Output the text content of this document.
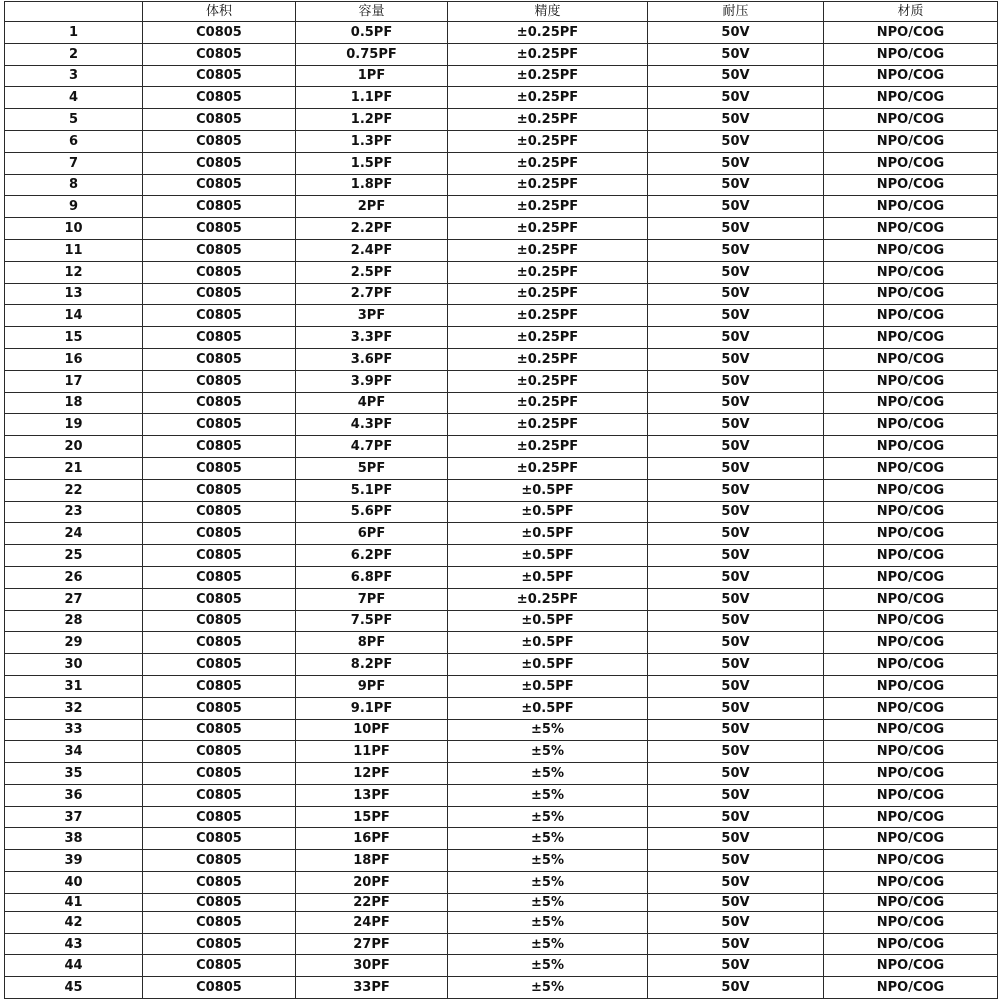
	体积	容量	精度	耐压	材质
1	C0805	0.5PF	±0.25PF	50V	NPO/COG
2	C0805	0.75PF	±0.25PF	50V	NPO/COG
3	C0805	1PF	±0.25PF	50V	NPO/COG
4	C0805	1.1PF	±0.25PF	50V	NPO/COG
5	C0805	1.2PF	±0.25PF	50V	NPO/COG
6	C0805	1.3PF	±0.25PF	50V	NPO/COG
7	C0805	1.5PF	±0.25PF	50V	NPO/COG
8	C0805	1.8PF	±0.25PF	50V	NPO/COG
9	C0805	2PF	±0.25PF	50V	NPO/COG
10	C0805	2.2PF	±0.25PF	50V	NPO/COG
11	C0805	2.4PF	±0.25PF	50V	NPO/COG
12	C0805	2.5PF	±0.25PF	50V	NPO/COG
13	C0805	2.7PF	±0.25PF	50V	NPO/COG
14	C0805	3PF	±0.25PF	50V	NPO/COG
15	C0805	3.3PF	±0.25PF	50V	NPO/COG
16	C0805	3.6PF	±0.25PF	50V	NPO/COG
17	C0805	3.9PF	±0.25PF	50V	NPO/COG
18	C0805	4PF	±0.25PF	50V	NPO/COG
19	C0805	4.3PF	±0.25PF	50V	NPO/COG
20	C0805	4.7PF	±0.25PF	50V	NPO/COG
21	C0805	5PF	±0.25PF	50V	NPO/COG
22	C0805	5.1PF	±0.5PF	50V	NPO/COG
23	C0805	5.6PF	±0.5PF	50V	NPO/COG
24	C0805	6PF	±0.5PF	50V	NPO/COG
25	C0805	6.2PF	±0.5PF	50V	NPO/COG
26	C0805	6.8PF	±0.5PF	50V	NPO/COG
27	C0805	7PF	±0.25PF	50V	NPO/COG
28	C0805	7.5PF	±0.5PF	50V	NPO/COG
29	C0805	8PF	±0.5PF	50V	NPO/COG
30	C0805	8.2PF	±0.5PF	50V	NPO/COG
31	C0805	9PF	±0.5PF	50V	NPO/COG
32	C0805	9.1PF	±0.5PF	50V	NPO/COG
33	C0805	10PF	±5%	50V	NPO/COG
34	C0805	11PF	±5%	50V	NPO/COG
35	C0805	12PF	±5%	50V	NPO/COG
36	C0805	13PF	±5%	50V	NPO/COG
37	C0805	15PF	±5%	50V	NPO/COG
38	C0805	16PF	±5%	50V	NPO/COG
39	C0805	18PF	±5%	50V	NPO/COG
40	C0805	20PF	±5%	50V	NPO/COG
41	C0805	22PF	±5%	50V	NPO/COG
42	C0805	24PF	±5%	50V	NPO/COG
43	C0805	27PF	±5%	50V	NPO/COG
44	C0805	30PF	±5%	50V	NPO/COG
45	C0805	33PF	±5%	50V	NPO/COG
